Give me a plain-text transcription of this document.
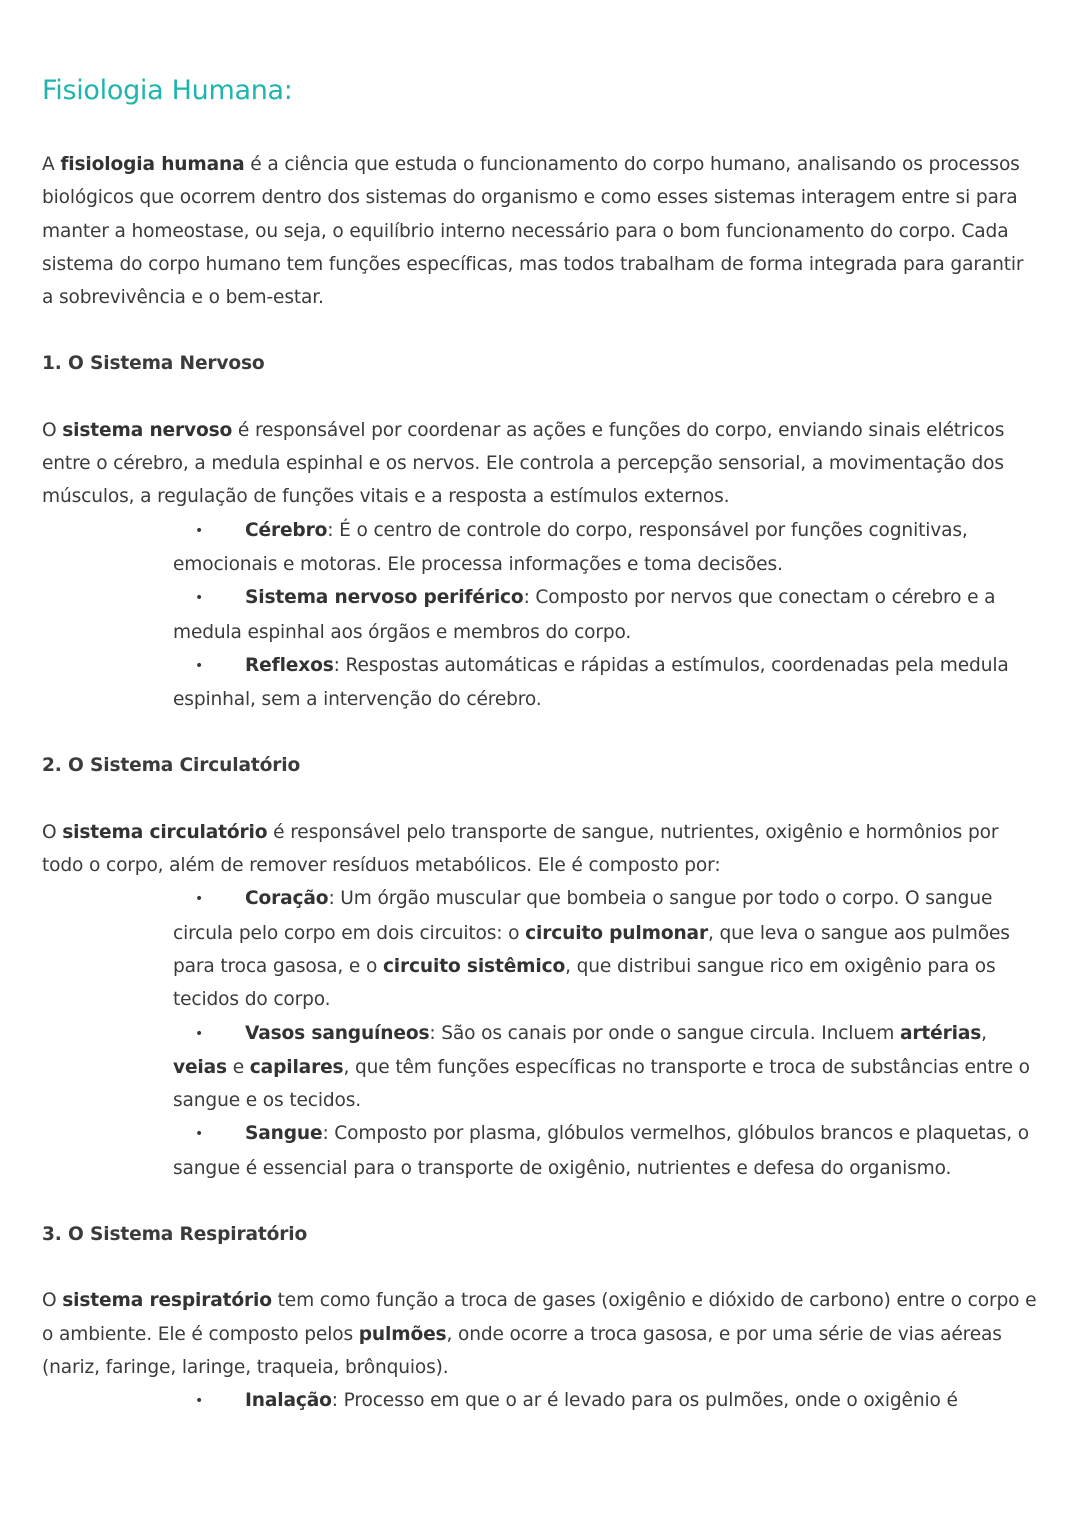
Fisiologia Humana:

A fisiologia humana é a ciência que estuda o funcionamento do corpo humano, analisando os processos biológicos que ocorrem dentro dos sistemas do organismo e como esses sistemas interagem entre si para manter a homeostase, ou seja, o equilíbrio interno necessário para o bom funcionamento do corpo. Cada sistema do corpo humano tem funções específicas, mas todos trabalham de forma integrada para garantir a sobrevivência e o bem-estar.

1. O Sistema Nervoso

O sistema nervoso é responsável por coordenar as ações e funções do corpo, enviando sinais elétricos entre o cérebro, a medula espinhal e os nervos. Ele controla a percepção sensorial, a movimentação dos músculos, a regulação de funções vitais e a resposta a estímulos externos.

• Cérebro: É o centro de controle do corpo, responsável por funções cognitivas, emocionais e motoras. Ele processa informações e toma decisões.
• Sistema nervoso periférico: Composto por nervos que conectam o cérebro e a medula espinhal aos órgãos e membros do corpo.
• Reflexos: Respostas automáticas e rápidas a estímulos, coordenadas pela medula espinhal, sem a intervenção do cérebro.
2. O Sistema Circulatório

O sistema circulatório é responsável pelo transporte de sangue, nutrientes, oxigênio e hormônios por todo o corpo, além de remover resíduos metabólicos. Ele é composto por:

• Coração: Um órgão muscular que bombeia o sangue por todo o corpo. O sangue circula pelo corpo em dois circuitos: o circuito pulmonar, que leva o sangue aos pulmões para troca gasosa, e o circuito sistêmico, que distribui sangue rico em oxigênio para os tecidos do corpo.
• Vasos sanguíneos: São os canais por onde o sangue circula. Incluem artérias, veias e capilares, que têm funções específicas no transporte e troca de substâncias entre o sangue e os tecidos.
• Sangue: Composto por plasma, glóbulos vermelhos, glóbulos brancos e plaquetas, o sangue é essencial para o transporte de oxigênio, nutrientes e defesa do organismo.
3. O Sistema Respiratório

O sistema respiratório tem como função a troca de gases (oxigênio e dióxido de carbono) entre o corpo e o ambiente. Ele é composto pelos pulmões, onde ocorre a troca gasosa, e por uma série de vias aéreas (nariz, faringe, laringe, traqueia, brônquios).

• Inalação: Processo em que o ar é levado para os pulmões, onde o oxigênio é
